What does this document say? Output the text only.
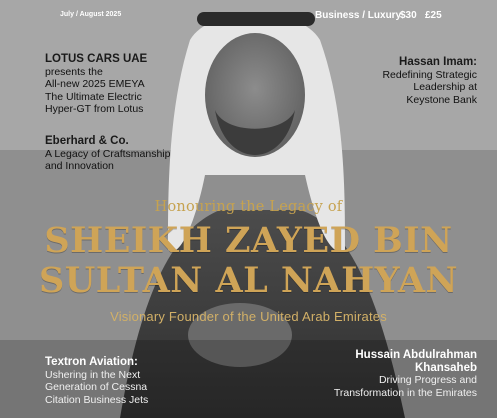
July / August 2025	Business / Luxury
$30 £25
LOTUS CARS UAE
presents the
All-new 2025 EMEYA
The Ultimate Electric
Hyper-GT from Lotus
Hassan Imam:
Redefining Strategic
Leadership at
Keystone Bank
Eberhard & Co.
A Legacy of Craftsmanship
and Innovation
Honouring the Legacy of
SHEIKH ZAYED BIN
SULTAN AL NAHYAN
Visionary Founder of the United Arab Emirates
Textron Aviation:
Ushering in the Next
Generation of Cessna
Citation Business Jets
Hussain Abdulrahman
Khansaheb
Driving Progress and
Transformation in the Emirates
